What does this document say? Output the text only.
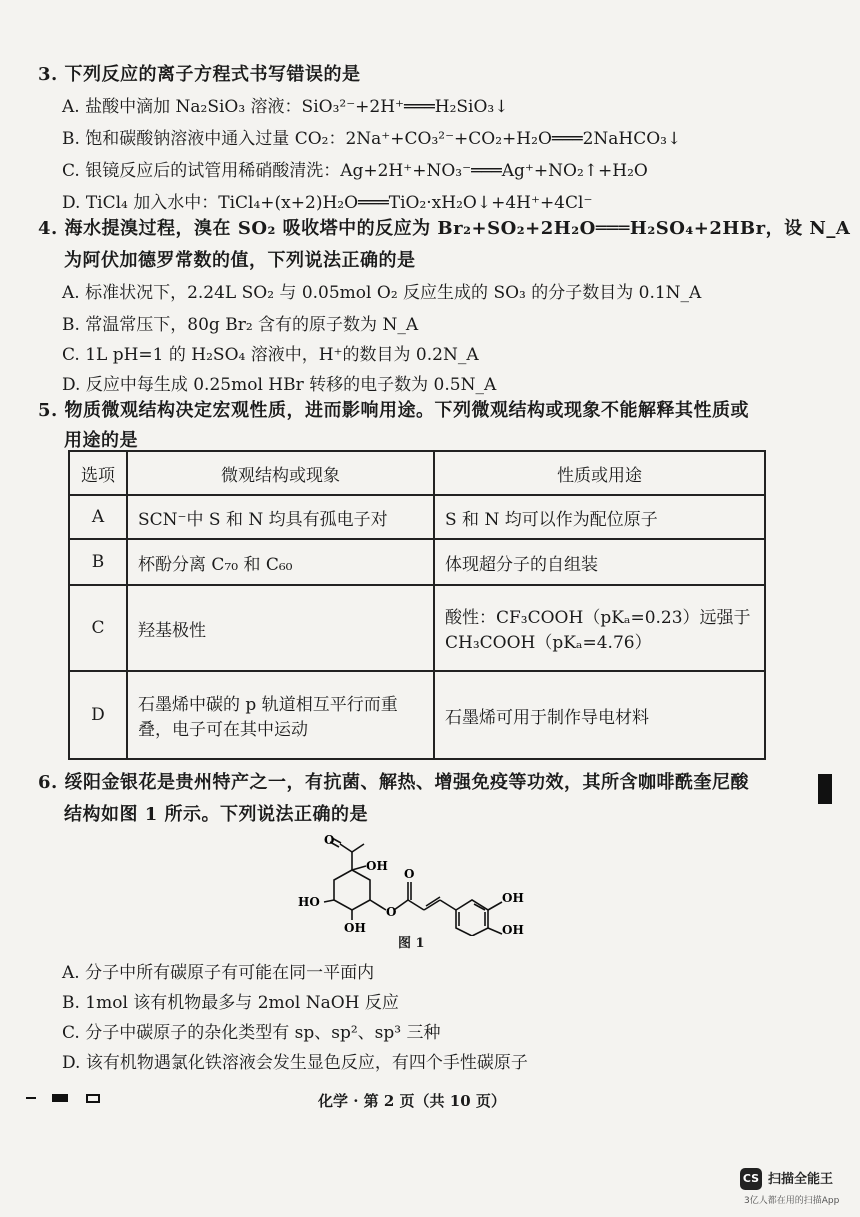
3. 下列反应的离子方程式书写错误的是
A. 盐酸中滴加 Na₂SiO₃ 溶液：SiO₃²⁻+2H⁺═══H₂SiO₃↓
B. 饱和碳酸钠溶液中通入过量 CO₂：2Na⁺+CO₃²⁻+CO₂+H₂O═══2NaHCO₃↓
C. 银镜反应后的试管用稀硝酸清洗：Ag+2H⁺+NO₃⁻═══Ag⁺+NO₂↑+H₂O
D. TiCl₄ 加入水中：TiCl₄+(x+2)H₂O═══TiO₂·xH₂O↓+4H⁺+4Cl⁻
4. 海水提溴过程，溴在 SO₂ 吸收塔中的反应为 Br₂+SO₂+2H₂O═══H₂SO₄+2HBr，设 N_A
为阿伏加德罗常数的值，下列说法正确的是
A. 标准状况下，2.24L SO₂ 与 0.05mol O₂ 反应生成的 SO₃ 的分子数目为 0.1N_A
B. 常温常压下，80g Br₂ 含有的原子数为 N_A
C. 1L pH=1 的 H₂SO₄ 溶液中，H⁺的数目为 0.2N_A
D. 反应中每生成 0.25mol HBr 转移的电子数为 0.5N_A
5. 物质微观结构决定宏观性质，进而影响用途。下列微观结构或现象不能解释其性质或
用途的是
选项	微观结构或现象	性质或用途
A	SCN⁻中 S 和 N 均具有孤电子对	S 和 N 均可以作为配位原子
B	杯酚分离 C₇₀ 和 C₆₀	体现超分子的自组装
C	羟基极性	酸性：CF₃COOH（pKₐ=0.23）远强于 CH₃COOH（pKₐ=4.76）
D	石墨烯中碳的 p 轨道相互平行而重叠，电子可在其中运动	石墨烯可用于制作导电材料
6. 绥阳金银花是贵州特产之一，有抗菌、解热、增强免疫等功效，其所含咖啡酰奎尼酸
结构如图 1 所示。下列说法正确的是
O
OH
HO
OH
O
O
OH
OH
图 1
A. 分子中所有碳原子有可能在同一平面内
B. 1mol 该有机物最多与 2mol NaOH 反应
C. 分子中碳原子的杂化类型有 sp、sp²、sp³ 三种
D. 该有机物遇氯化铁溶液会发生显色反应，有四个手性碳原子
化学 · 第 2 页（共 10 页）
CS 扫描全能王
3亿人都在用的扫描App
